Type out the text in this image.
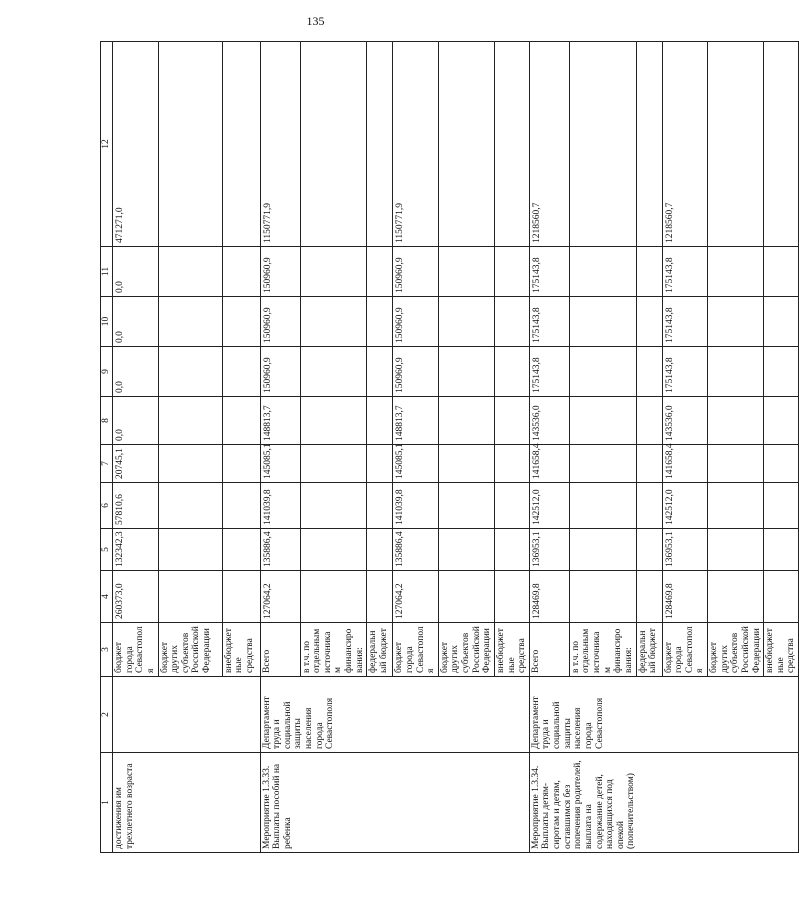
135
1	2	3	4	5	6	7	8	9	10	11	12
достижения им трехлетнего возраста		бюджет города Севастополя	260373,0	132342,3	57810,6	20745,1	0,0	0,0	0,0	0,0	471271,0
		бюджет других субъектов Российской Федерации									
		внебюджетные средства									
Мероприятие 1.3.33. Выплаты пособий на ребенка	Департамент труда и социальной защиты населения города Севастополя	Всего	127064,2	135886,4	141039,8	145085,1	148813,7	150960,9	150960,9	150960,9	1150771,9
		в т.ч. по отдельным источникам финансирования:									
		федеральный бюджет									
		бюджет города Севастополя	127064,2	135886,4	141039,8	145085,1	148813,7	150960,9	150960,9	150960,9	1150771,9
		бюджет других субъектов Российской Федерации									
		внебюджетные средства									
Мероприятие 1.3.34. Выплаты детям-сиротам и детям, оставшимся без попечения родителей, выплата на содержание детей, находящихся под опекой (попечительством)	Департамент труда и социальной защиты населения города Севастополя	Всего	128469,8	136953,1	142512,0	141658,4	143536,0	175143,8	175143,8	175143,8	1218560,7
		в т.ч. по отдельным источникам финансирования:									
		федеральный бюджет									
		бюджет города Севастополя	128469,8	136953,1	142512,0	141658,4	143536,0	175143,8	175143,8	175143,8	1218560,7
		бюджет других субъектов Российской Федерации									
		внебюджетные средства									
